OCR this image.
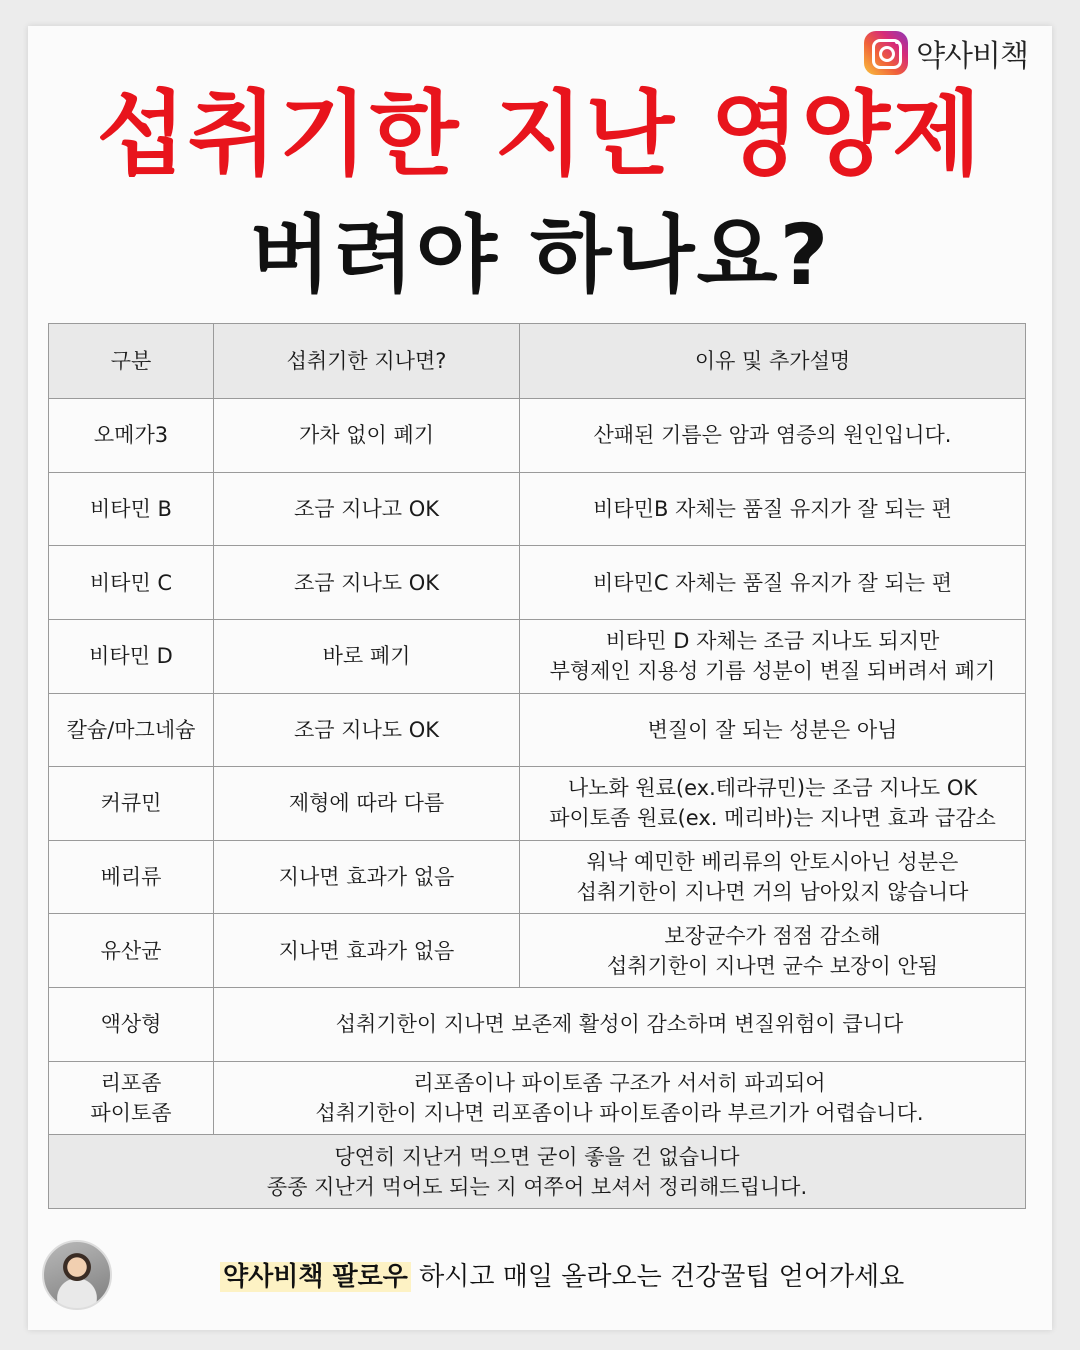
약사비책
섭취기한 지난 영양제
버려야 하나요?
구분	섭취기한 지나면?	이유 및 추가설명

오메가3	가차 없이 폐기	산패된 기름은 암과 염증의 원인입니다.

비타민 B	조금 지나고 OK	비타민B 자체는 품질 유지가 잘 되는 편

비타민 C	조금 지나도 OK	비타민C 자체는 품질 유지가 잘 되는 편

비타민 D	바로 폐기	비타민 D 자체는 조금 지나도 되지만
부형제인 지용성 기름 성분이 변질 되버려서 폐기

칼슘/마그네슘	조금 지나도 OK	변질이 잘 되는 성분은 아님

커큐민	제형에 따라 다름	나노화 원료(ex.테라큐민)는 조금 지나도 OK
파이토좀 원료(ex. 메리바)는 지나면 효과 급감소

베리류	지나면 효과가 없음	워낙 예민한 베리류의 안토시아닌 성분은
섭취기한이 지나면 거의 남아있지 않습니다

유산균	지나면 효과가 없음	보장균수가 점점 감소해
섭취기한이 지나면 균수 보장이 안됨

액상형	섭취기한이 지나면 보존제 활성이 감소하며 변질위험이 큽니다	

리포좀
파이토좀	리포좀이나 파이토좀 구조가 서서히 파괴되어
섭취기한이 지나면 리포좀이나 파이토좀이라 부르기가 어렵습니다.	

당연히 지난거 먹으면 굳이 좋을 건 없습니다
종종 지난거 먹어도 되는 지 여쭈어 보셔서 정리해드립니다.		
약사비책 팔로우 하시고 매일 올라오는 건강꿀팁 얻어가세요
